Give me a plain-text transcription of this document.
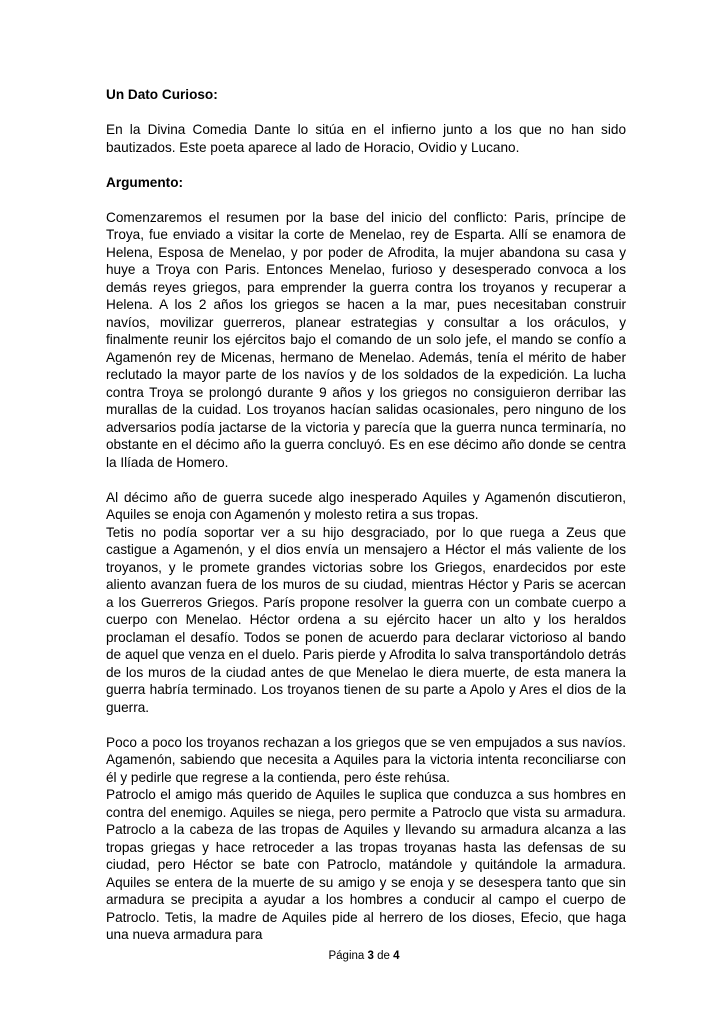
Un Dato Curioso:
En la Divina Comedia Dante lo sitúa en el infierno junto a los que no han sido bautizados. Este poeta aparece al lado de Horacio, Ovidio y Lucano.
Argumento:
Comenzaremos el resumen por la base del inicio del conflicto: Paris, príncipe de Troya, fue enviado a visitar la corte de Menelao, rey de Esparta. Allí se enamora de Helena, Esposa de Menelao, y por poder de Afrodita, la mujer abandona su casa y huye a Troya con Paris. Entonces Menelao, furioso y desesperado convoca a los demás reyes griegos, para emprender la guerra contra los troyanos y recuperar a Helena. A los 2 años los griegos se hacen a la mar, pues necesitaban construir navíos, movilizar guerreros, planear estrategias y consultar a los oráculos, y finalmente reunir los ejércitos bajo el comando de un solo jefe, el mando se confío a Agamenón rey de Micenas, hermano de Menelao. Además, tenía el mérito de haber reclutado la mayor parte de los navíos y de los soldados de la expedición. La lucha contra Troya se prolongó durante 9 años y los griegos no consiguieron derribar las murallas de la cuidad. Los troyanos hacían salidas ocasionales, pero ninguno de los adversarios podía jactarse de la victoria y parecía que la guerra nunca terminaría, no obstante en el décimo año la guerra concluyó. Es en ese décimo año donde se centra la Ilíada de Homero.
Al décimo año de guerra sucede algo inesperado Aquiles y Agamenón discutieron, Aquiles se enoja con Agamenón y molesto retira a sus tropas.
Tetis no podía soportar ver a su hijo desgraciado, por lo que ruega a Zeus que castigue a Agamenón, y el dios envía un mensajero a Héctor el más valiente de los troyanos, y le promete grandes victorias sobre los Griegos, enardecidos por este aliento avanzan fuera de los muros de su ciudad, mientras Héctor y Paris se acercan a los Guerreros Griegos. París propone resolver la guerra con un combate cuerpo a cuerpo con Menelao. Héctor ordena a su ejército hacer un alto y los heraldos proclaman el desafío. Todos se ponen de acuerdo para declarar victorioso al bando de aquel que venza en el duelo. Paris pierde y Afrodita lo salva transportándolo detrás de los muros de la ciudad antes de que Menelao le diera muerte, de esta manera la guerra habría terminado. Los troyanos tienen de su parte a Apolo y Ares el dios de la guerra.
Poco a poco los troyanos rechazan a los griegos que se ven empujados a sus navíos. Agamenón, sabiendo que necesita a Aquiles para la victoria intenta reconciliarse con él y pedirle que regrese a la contienda, pero éste rehúsa.
Patroclo el amigo más querido de Aquiles le suplica que conduzca a sus hombres en contra del enemigo. Aquiles se niega, pero permite a Patroclo que vista su armadura. Patroclo a la cabeza de las tropas de Aquiles y llevando su armadura alcanza a las tropas griegas y hace retroceder a las tropas troyanas hasta las defensas de su ciudad, pero Héctor se bate con Patroclo, matándole y quitándole la armadura. Aquiles se entera de la muerte de su amigo y se enoja y se desespera tanto que sin armadura se precipita a ayudar a los hombres a conducir al campo el cuerpo de Patroclo. Tetis, la madre de Aquiles pide al herrero de los dioses, Efecio, que haga una nueva armadura para
Página 3 de 4
